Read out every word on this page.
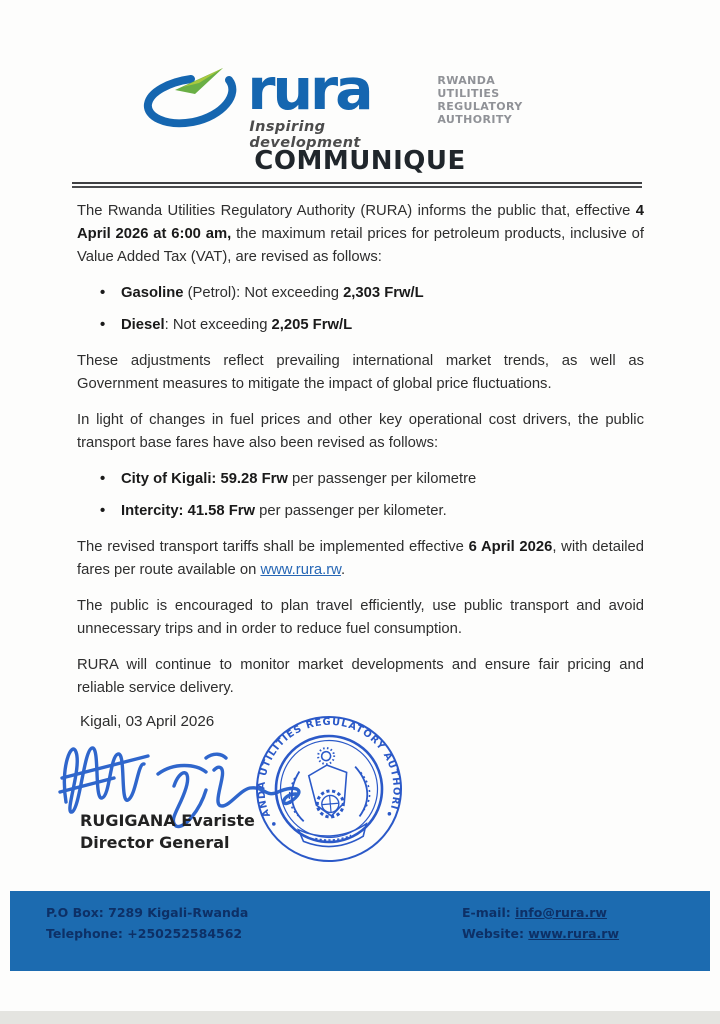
rura
Inspiring development
RWANDA
UTILITIES
REGULATORY
AUTHORITY
COMMUNIQUE

The Rwanda Utilities Regulatory Authority (RURA) informs the public that, effective 4 April 2026 at 6:00 am, the maximum retail prices for petroleum products, inclusive of Value Added Tax (VAT), are revised as follows:

• Gasoline (Petrol): Not exceeding 2,303 Frw/L
• Diesel: Not exceeding 2,205 Frw/L

These adjustments reflect prevailing international market trends, as well as Government measures to mitigate the impact of global price fluctuations.

In light of changes in fuel prices and other key operational cost drivers, the public transport base fares have also been revised as follows:

• City of Kigali: 59.28 Frw per passenger per kilometre
• Intercity: 41.58 Frw per passenger per kilometer.

The revised transport tariffs shall be implemented effective 6 April 2026, with detailed fares per route available on www.rura.rw.

The public is encouraged to plan travel efficiently, use public transport and avoid unnecessary trips and in order to reduce fuel consumption.

RURA will continue to monitor market developments and ensure fair pricing and reliable service delivery.

Kigali, 03 April 2026
RWANDA UTILITIES REGULATORY AUTHORITY
RUGIGANA Evariste
Director General
P.O Box: 7289 Kigali-Rwanda
Telephone: +250252584562
E-mail: info@rura.rw
Website: www.rura.rw
